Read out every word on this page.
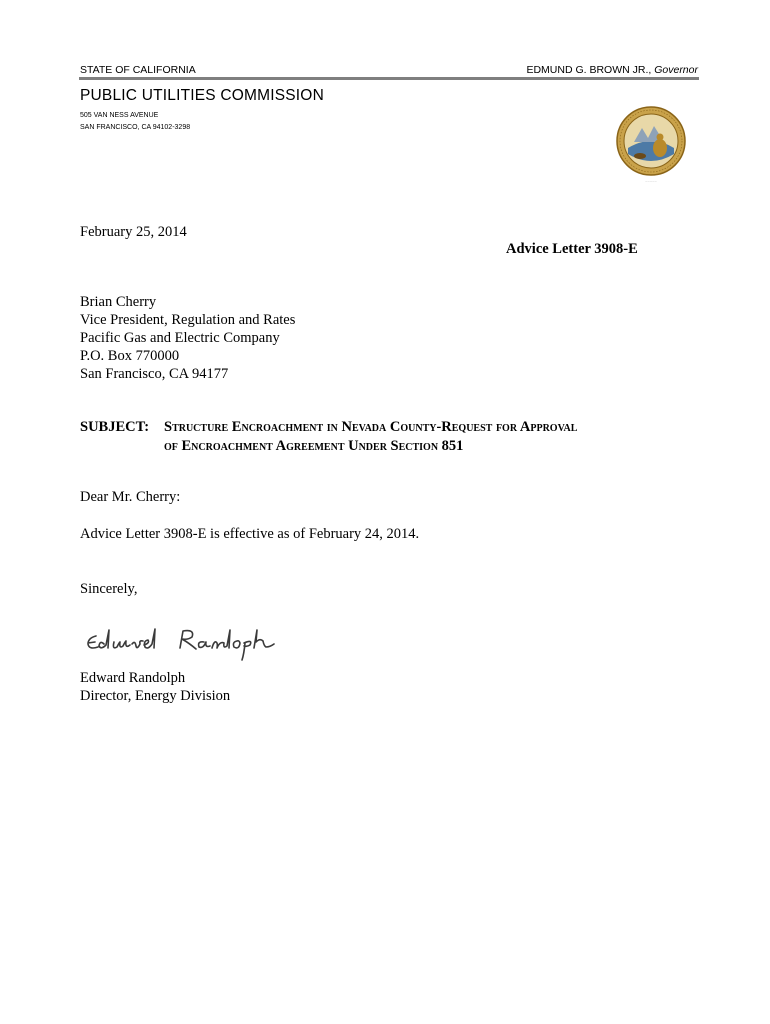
STATE OF CALIFORNIA	EDMUND G. BROWN JR., Governor
PUBLIC UTILITIES COMMISSION
505 VAN NESS AVENUE
SAN FRANCISCO, CA 94102-3298
~~~~~
February 25, 2014
Advice Letter 3908-E
Brian Cherry
Vice President, Regulation and Rates
Pacific Gas and Electric Company
P.O. Box 770000
San Francisco, CA 94177
SUBJECT: Structure Encroachment in Nevada County-Request for Approval
of Encroachment Agreement Under Section 851
Dear Mr. Cherry:
Advice Letter 3908-E is effective as of February 24, 2014.
Sincerely,
Edward Randolph
Director, Energy Division
